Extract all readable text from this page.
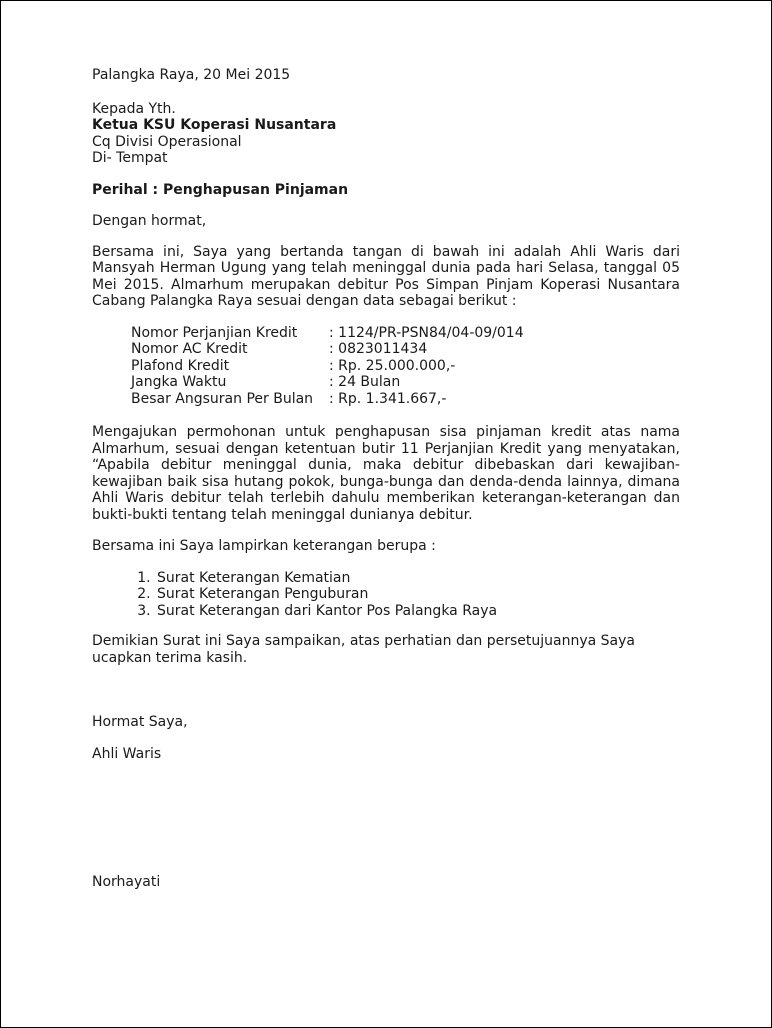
Palangka Raya, 20 Mei 2015

Kepada Yth.

Ketua KSU Koperasi Nusantara

Cq Divisi Operasional

Di- Tempat

Perihal : Penghapusan Pinjaman

Dengan hormat,

Bersama ini, Saya yang bertanda tangan di bawah ini adalah Ahli Waris dari

Mansyah Herman Ugung yang telah meninggal dunia pada hari Selasa, tanggal 05

Mei 2015. Almarhum merupakan debitur Pos Simpan Pinjam Koperasi Nusantara

Cabang Palangka Raya sesuai dengan data sebagai berikut :

Nomor Perjanjian Kredit	: 1124/PR-PSN84/04-09/014
Nomor AC Kredit	: 0823011434
Plafond Kredit	: Rp. 25.000.000,-
Jangka Waktu	: 24 Bulan
Besar Angsuran Per Bulan	: Rp. 1.341.667,-

Mengajukan permohonan untuk penghapusan sisa pinjaman kredit atas nama

Almarhum, sesuai dengan ketentuan butir 11 Perjanjian Kredit yang menyatakan,

“Apabila debitur meninggal dunia, maka debitur dibebaskan dari kewajiban-

kewajiban baik sisa hutang pokok, bunga-bunga dan denda-denda lainnya, dimana

Ahli Waris debitur telah terlebih dahulu memberikan keterangan-keterangan dan

bukti-bukti tentang telah meninggal dunianya debitur.

Bersama ini Saya lampirkan keterangan berupa :

1. Surat Keterangan Kematian
2. Surat Keterangan Penguburan
3. Surat Keterangan dari Kantor Pos Palangka Raya

Demikian Surat ini Saya sampaikan, atas perhatian dan persetujuannya Saya

ucapkan terima kasih.

Hormat Saya,

Ahli Waris

Norhayati
